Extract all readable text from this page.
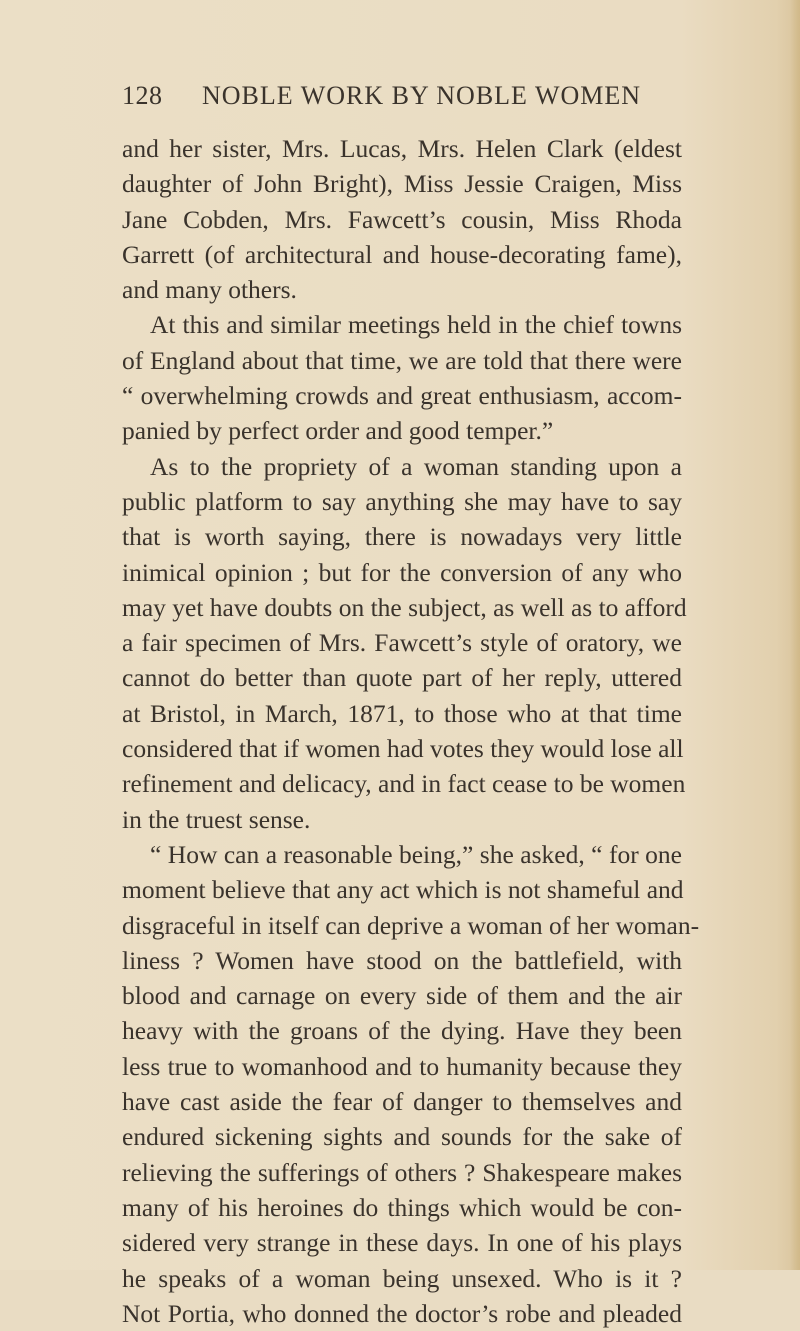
128 NOBLE WORK BY NOBLE WOMEN
and her sister, Mrs. Lucas, Mrs. Helen Clark (eldest
daughter of John Bright), Miss Jessie Craigen, Miss
Jane Cobden, Mrs. Fawcett’s cousin, Miss Rhoda
Garrett (of architectural and house-decorating fame),
and many others.
At this and similar meetings held in the chief towns
of England about that time, we are told that there were
“ overwhelming crowds and great enthusiasm, accom-
panied by perfect order and good temper.”
As to the propriety of a woman standing upon a
public platform to say anything she may have to say
that is worth saying, there is nowadays very little
inimical opinion ; but for the conversion of any who
may yet have doubts on the subject, as well as to afford
a fair specimen of Mrs. Fawcett’s style of oratory, we
cannot do better than quote part of her reply, uttered
at Bristol, in March, 1871, to those who at that time
considered that if women had votes they would lose all
refinement and delicacy, and in fact cease to be women
in the truest sense.
“ How can a reasonable being,” she asked, “ for one
moment believe that any act which is not shameful and
disgraceful in itself can deprive a woman of her woman-
liness ? Women have stood on the battlefield, with
blood and carnage on every side of them and the air
heavy with the groans of the dying. Have they been
less true to womanhood and to humanity because they
have cast aside the fear of danger to themselves and
endured sickening sights and sounds for the sake of
relieving the sufferings of others ? Shakespeare makes
many of his heroines do things which would be con-
sidered very strange in these days. In one of his plays
he speaks of a woman being unsexed. Who is it ?
Not Portia, who donned the doctor’s robe and pleaded
